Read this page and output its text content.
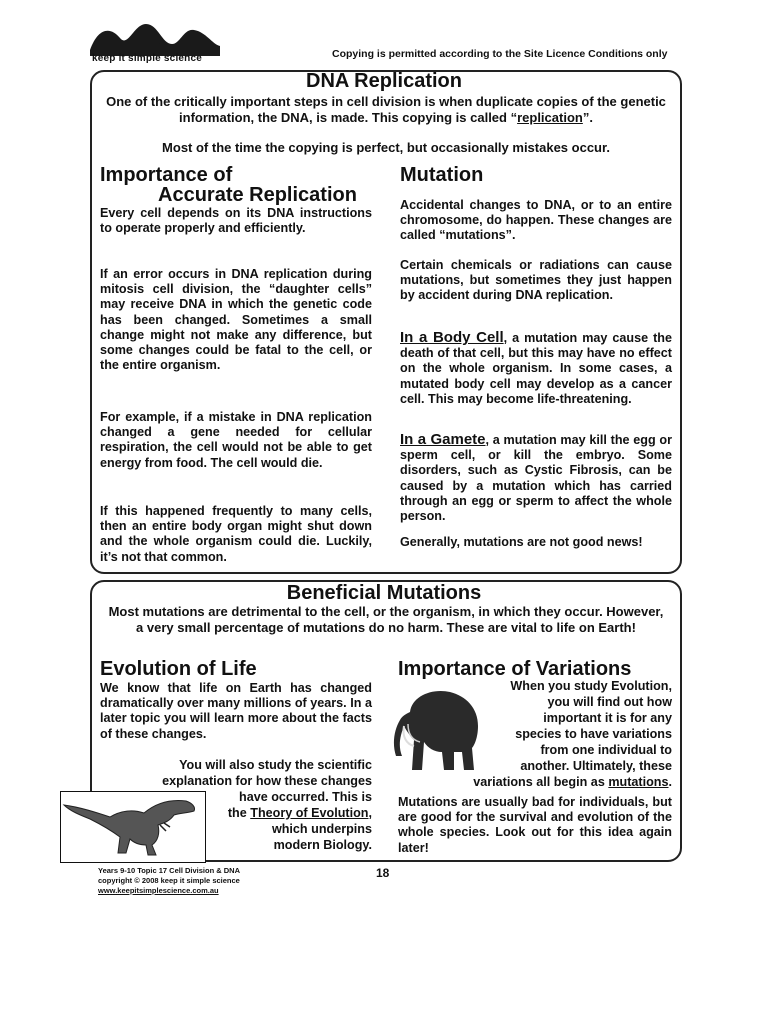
keep it simple science	Copying is permitted according to the Site Licence Conditions only
DNA Replication
One of the critically important steps in cell division is when duplicate copies of the genetic information, the DNA, is made. This copying is called “replication”.
Most of the time the copying is perfect, but occasionally mistakes occur.
Importance of
Accurate Replication

Every cell depends on its DNA instructions to operate properly and efficiently.

If an error occurs in DNA replication during mitosis cell division, the “daughter cells” may receive DNA in which the genetic code has been changed. Sometimes a small change might not make any difference, but some changes could be fatal to the cell, or the entire organism.

For example, if a mistake in DNA replication changed a gene needed for cellular respiration, the cell would not be able to get energy from food. The cell would die.

If this happened frequently to many cells, then an entire body organ might shut down and the whole organism could die. Luckily, it’s not that common.

Mutation

Accidental changes to DNA, or to an entire chromosome, do happen. These changes are called “mutations”.

Certain chemicals or radiations can cause mutations, but sometimes they just happen by accident during DNA replication.

In a Body Cell, a mutation may cause the death of that cell, but this may have no effect on the whole organism. In some cases, a mutated body cell may develop as a cancer cell. This may become life-threatening.

In a Gamete, a mutation may kill the egg or sperm cell, or kill the embryo. Some disorders, such as Cystic Fibrosis, can be caused by a mutation which has carried through an egg or sperm to affect the whole person.

Generally, mutations are not good news!

Beneficial Mutations
Most mutations are detrimental to the cell, or the organism, in which they occur. However, a very small percentage of mutations do no harm. These are vital to life on Earth!
Evolution of Life

We know that life on Earth has changed dramatically over many millions of years. In a later topic you will learn more about the facts of these changes.

You will also study the scientific
explanation for how these changes
have occurred. This is
the Theory of Evolution,
which underpins
modern Biology.
Importance of Variations
When you study Evolution,
you will find out how
important it is for any
species to have variations
from one individual to
another. Ultimately, these
variations all begin as mutations.

Mutations are usually bad for individuals, but are good for the survival and evolution of the whole species. Look out for this idea again later!

Years 9-10 Topic 17 Cell Division & DNA
copyright © 2008 keep it simple science
www.keepitsimplescience.com.au
18
